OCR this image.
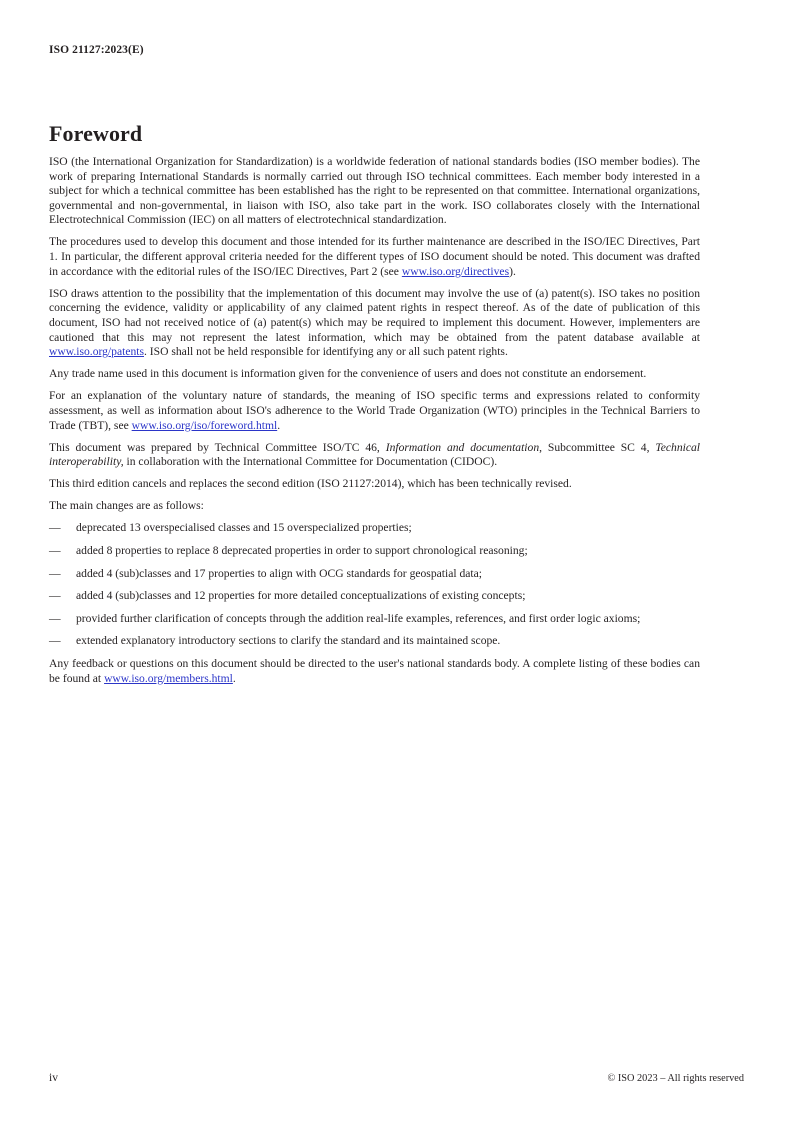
ISO 21127:2023(E)
Foreword

ISO (the International Organization for Standardization) is a worldwide federation of national standards bodies (ISO member bodies). The work of preparing International Standards is normally carried out through ISO technical committees. Each member body interested in a subject for which a technical committee has been established has the right to be represented on that committee. International organizations, governmental and non-governmental, in liaison with ISO, also take part in the work. ISO collaborates closely with the International Electrotechnical Commission (IEC) on all matters of electrotechnical standardization.

The procedures used to develop this document and those intended for its further maintenance are described in the ISO/IEC Directives, Part 1. In particular, the different approval criteria needed for the different types of ISO document should be noted. This document was drafted in accordance with the editorial rules of the ISO/IEC Directives, Part 2 (see www.iso.org/directives).

ISO draws attention to the possibility that the implementation of this document may involve the use of (a) patent(s). ISO takes no position concerning the evidence, validity or applicability of any claimed patent rights in respect thereof. As of the date of publication of this document, ISO had not received notice of (a) patent(s) which may be required to implement this document. However, implementers are cautioned that this may not represent the latest information, which may be obtained from the patent database available at www.iso.org/patents. ISO shall not be held responsible for identifying any or all such patent rights.

Any trade name used in this document is information given for the convenience of users and does not constitute an endorsement.

For an explanation of the voluntary nature of standards, the meaning of ISO specific terms and expressions related to conformity assessment, as well as information about ISO's adherence to the World Trade Organization (WTO) principles in the Technical Barriers to Trade (TBT), see www.iso.org/iso/foreword.html.

This document was prepared by Technical Committee ISO/TC 46, Information and documentation, Subcommittee SC 4, Technical interoperability, in collaboration with the International Committee for Documentation (CIDOC).

This third edition cancels and replaces the second edition (ISO 21127:2014), which has been technically revised.

The main changes are as follows:

— deprecated 13 overspecialised classes and 15 overspecialized properties;
— added 8 properties to replace 8 deprecated properties in order to support chronological reasoning;
— added 4 (sub)classes and 17 properties to align with OCG standards for geospatial data;
— added 4 (sub)classes and 12 properties for more detailed conceptualizations of existing concepts;
— provided further clarification of concepts through the addition real-life examples, references, and first order logic axioms;
— extended explanatory introductory sections to clarify the standard and its maintained scope.

Any feedback or questions on this document should be directed to the user's national standards body. A complete listing of these bodies can be found at www.iso.org/members.html.

iv	© ISO 2023 – All rights reserved
